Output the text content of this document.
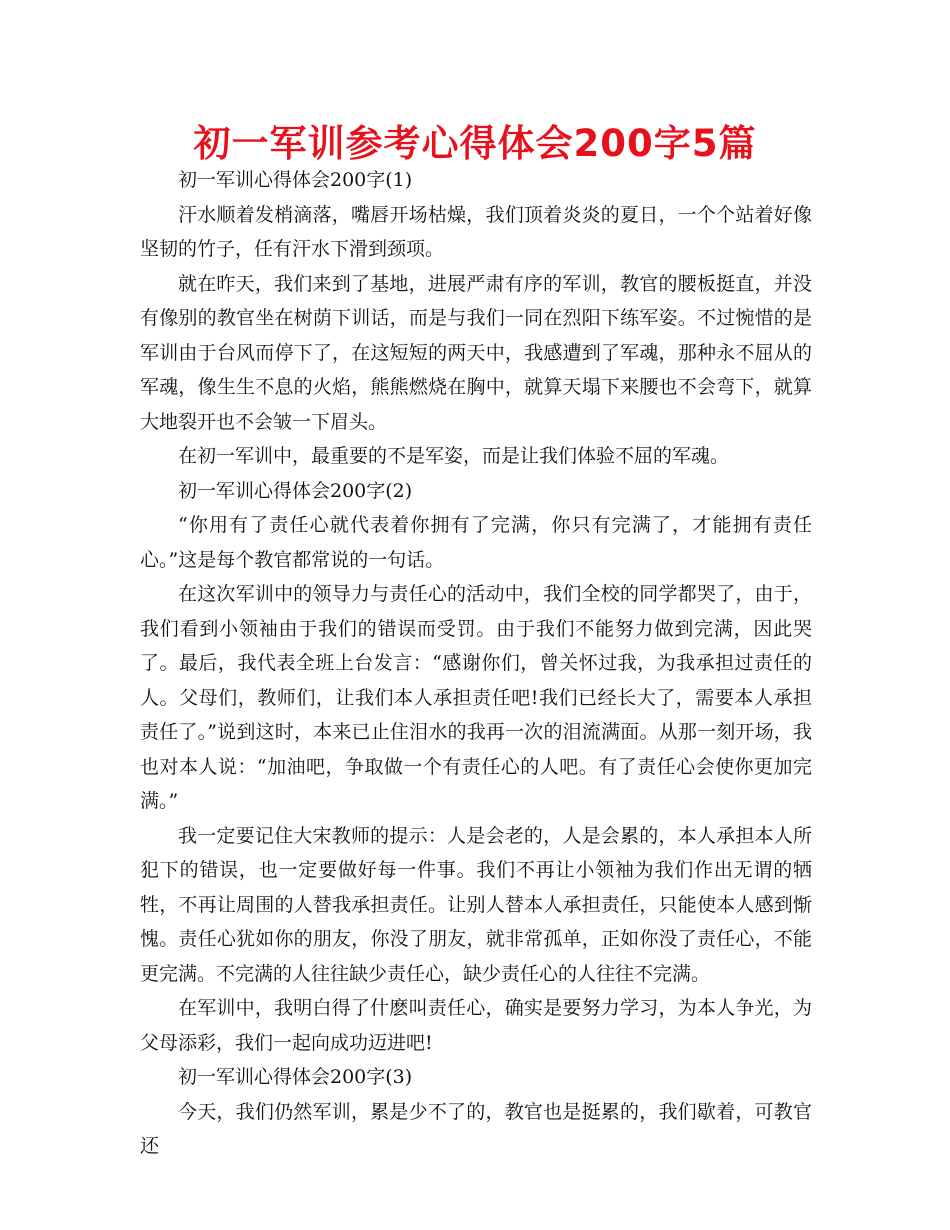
初一军训参考心得体会200字5篇

初一军训心得体会200字(1)

汗水顺着发梢滴落，嘴唇开场枯燥，我们顶着炎炎的夏日，一个个站着好像坚韧的竹子，任有汗水下滑到颈项。

就在昨天，我们来到了基地，进展严肃有序的军训，教官的腰板挺直，并没有像别的教官坐在树荫下训话，而是与我们一同在烈阳下练军姿。不过惋惜的是军训由于台风而停下了，在这短短的两天中，我感遭到了军魂，那种永不屈从的军魂，像生生不息的火焰，熊熊燃烧在胸中，就算天塌下来腰也不会弯下，就算大地裂开也不会皱一下眉头。

在初一军训中，最重要的不是军姿，而是让我们体验不屈的军魂。

初一军训心得体会200字(2)

“你用有了责任心就代表着你拥有了完满，你只有完满了，才能拥有责任心。”这是每个教官都常说的一句话。

在这次军训中的领导力与责任心的活动中，我们全校的同学都哭了，由于，我们看到小领袖由于我们的错误而受罚。由于我们不能努力做到完满，因此哭了。最后，我代表全班上台发言：“感谢你们，曾关怀过我，为我承担过责任的人。父母们，教师们，让我们本人承担责任吧!我们已经长大了，需要本人承担责任了。”说到这时，本来已止住泪水的我再一次的泪流满面。从那一刻开场，我也对本人说：“加油吧，争取做一个有责任心的人吧。有了责任心会使你更加完满。”

我一定要记住大宋教师的提示：人是会老的，人是会累的，本人承担本人所犯下的错误，也一定要做好每一件事。我们不再让小领袖为我们作出无谓的牺牲，不再让周围的人替我承担责任。让别人替本人承担责任，只能使本人感到惭愧。责任心犹如你的朋友，你没了朋友，就非常孤单，正如你没了责任心，不能更完满。不完满的人往往缺少责任心，缺少责任心的人往往不完满。

在军训中，我明白得了什麽叫责任心，确实是要努力学习，为本人争光，为父母添彩，我们一起向成功迈进吧!

初一军训心得体会200字(3)

今天，我们仍然军训，累是少不了的，教官也是挺累的，我们歇着，可教官还
